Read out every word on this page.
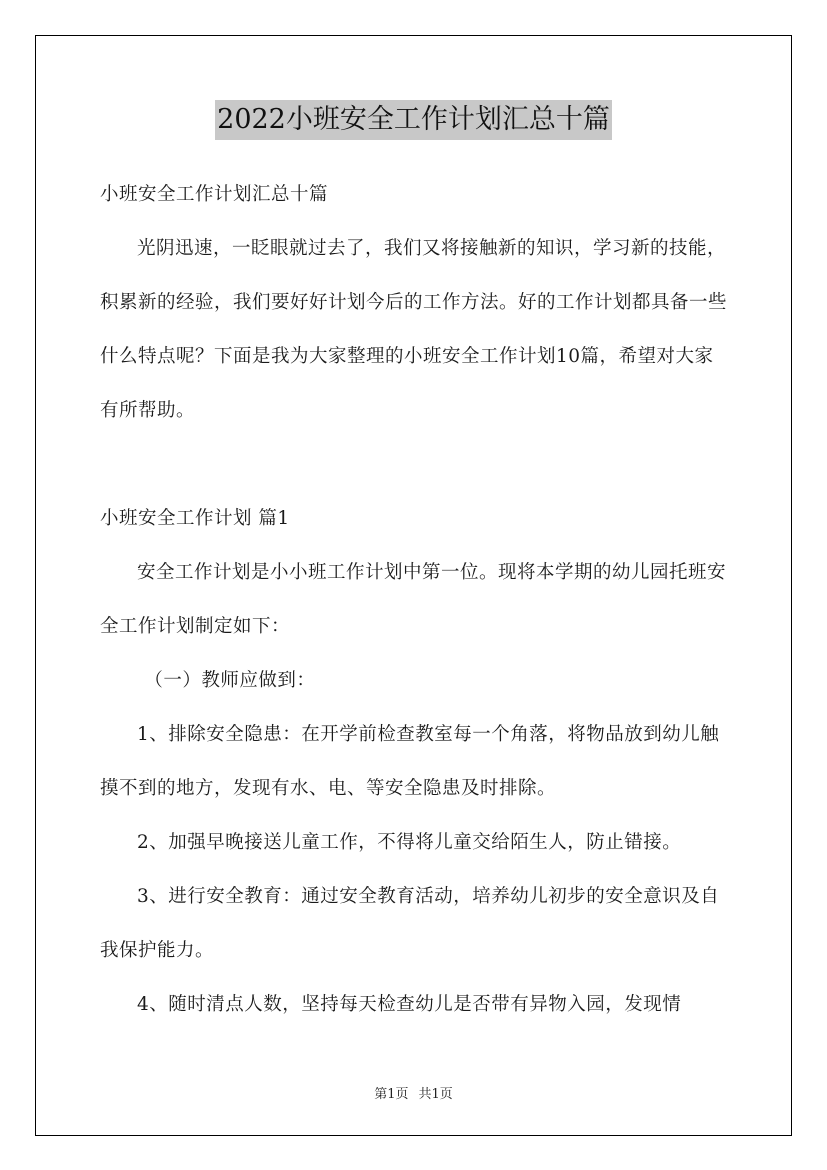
2022小班安全工作计划汇总十篇

小班安全工作计划汇总十篇

光阴迅速，一眨眼就过去了，我们又将接触新的知识，学习新的技能，积累新的经验，我们要好好计划今后的工作方法。好的工作计划都具备一些什么特点呢？下面是我为大家整理的小班安全工作计划10篇，希望对大家有所帮助。

小班安全工作计划 篇1

安全工作计划是小小班工作计划中第一位。现将本学期的幼儿园托班安全工作计划制定如下：

（一）教师应做到：

1、排除安全隐患：在开学前检查教室每一个角落，将物品放到幼儿触摸不到的地方，发现有水、电、等安全隐患及时排除。

2、加强早晚接送儿童工作，不得将儿童交给陌生人，防止错接。

3、进行安全教育：通过安全教育活动，培养幼儿初步的安全意识及自我保护能力。

4、随时清点人数，坚持每天检查幼儿是否带有异物入园，发现情

第1页 共1页
